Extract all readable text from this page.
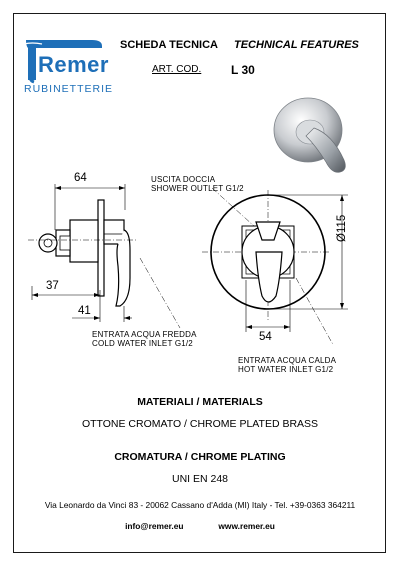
Remer
RUBINETTERIE
SCHEDA TECNICA TECHNICAL FEATURES
ART. COD. L 30
64
37
41
Ø115
54
USCITA DOCCIA
SHOWER OUTLET G1/2
ENTRATA ACQUA FREDDA
COLD WATER INLET G1/2
ENTRATA ACQUA CALDA
HOT WATER INLET G1/2
MATERIALI / MATERIALS
OTTONE CROMATO / CHROME PLATED BRASS
CROMATURA / CHROME PLATING
UNI EN 248
Via Leonardo da Vinci 83 - 20062 Cassano d'Adda (MI) Italy - Tel. +39-0363 364211
info@remer.eu	www.remer.eu
